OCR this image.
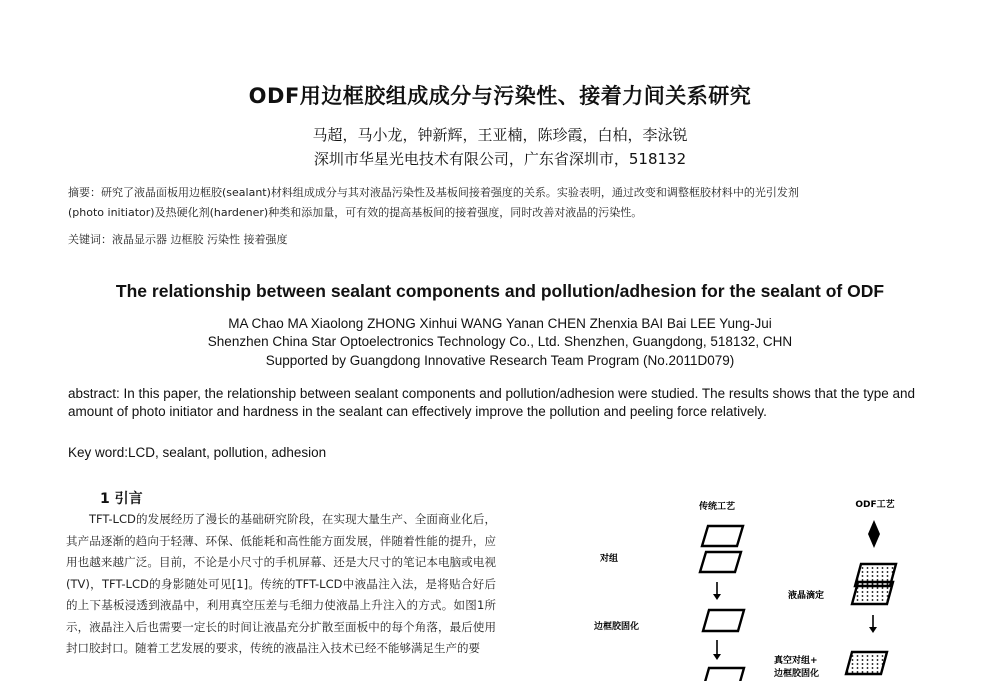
ODF用边框胶组成成分与污染性、接着力间关系研究
马超，马小龙，钟新辉，王亚楠，陈珍霞，白柏，李泳锐
深圳市华星光电技术有限公司，广东省深圳市，518132
摘要：研究了液晶面板用边框胶(sealant)材料组成成分与其对液晶污染性及基板间接着强度的关系。实验表明，通过改变和调整框胶材料中的光引发剂
(photo initiator)及热硬化剂(hardener)种类和添加量，可有效的提高基板间的接着强度，同时改善对液晶的污染性。
关键词：液晶显示器 边框胶 污染性 接着强度
The relationship between sealant components and pollution/adhesion for the sealant of ODF
MA Chao MA Xiaolong ZHONG Xinhui WANG Yanan CHEN Zhenxia BAI Bai LEE Yung-Jui
Shenzhen China Star Optoelectronics Technology Co., Ltd. Shenzhen, Guangdong, 518132, CHN
Supported by Guangdong Innovative Research Team Program (No.2011D079)
abstract: In this paper, the relationship between sealant components and pollution/adhesion were studied. The results shows that the type and amount of photo initiator and hardness in the sealant can effectively improve the pollution and peeling force relatively.
Key word:LCD, sealant, pollution, adhesion
1 引言

TFT-LCD的发展经历了漫长的基础研究阶段，在实现大量生产、全面商业化后，其产品逐渐的趋向于轻薄、环保、低能耗和高性能方面发展，伴随着性能的提升，应用也越来越广泛。目前，不论是小尺寸的手机屏幕、还是大尺寸的笔记本电脑或电视(TV)，TFT-LCD的身影随处可见[1]。传统的TFT-LCD中液晶注入法，是将贴合好后的上下基板浸透到液晶中，利用真空压差与毛细力使液晶上升注入的方式。如图1所示，液晶注入后也需要一定长的时间让液晶充分扩散至面板中的每个角落，最后使用封口胶封口。随着工艺发展的要求，传统的液晶注入技术已经不能够满足生产的要

传统工艺	ODF工艺
对组
边框胶固化
液晶滴定
真空对组+
边框胶固化
